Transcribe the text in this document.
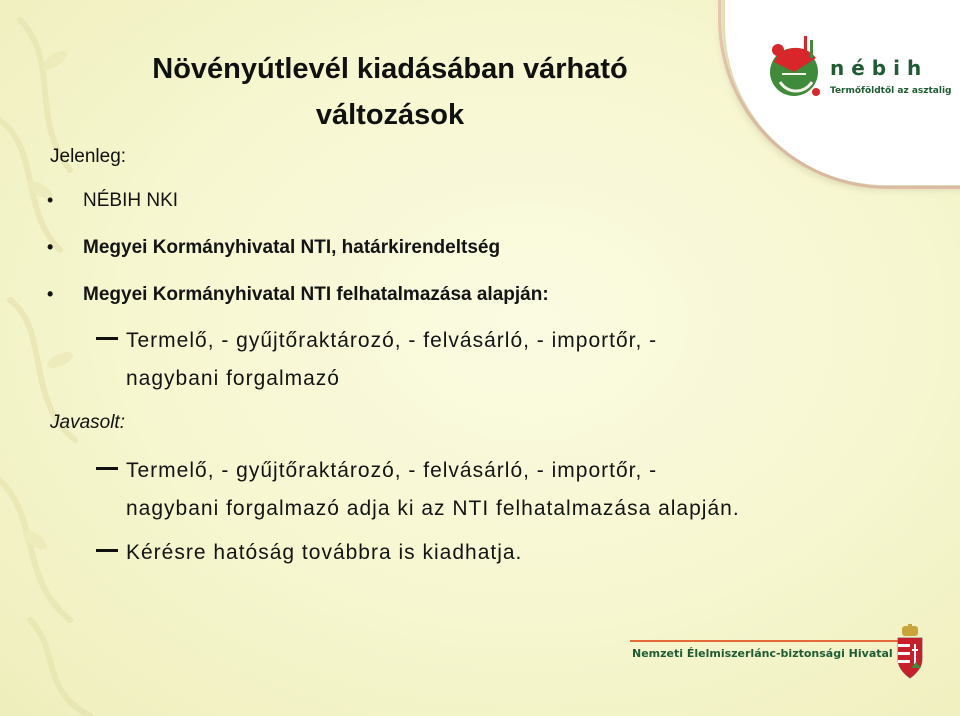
nébih
Termőföldtől az asztalig
Növényútlevél kiadásában várható változások
Jelenleg:
• NÉBIH NKI
• Megyei Kormányhivatal NTI, határkirendeltség
• Megyei Kormányhivatal NTI felhatalmazása alapján:
Termelő, - gyűjtőraktározó, - felvásárló, - importőr, -
nagybani forgalmazó
Javasolt:
Termelő, - gyűjtőraktározó, - felvásárló, - importőr, -
nagybani forgalmazó adja ki az NTI felhatalmazása alapján.
Kérésre hatóság továbbra is kiadhatja.
Nemzeti Élelmiszerlánc-biztonsági Hivatal
